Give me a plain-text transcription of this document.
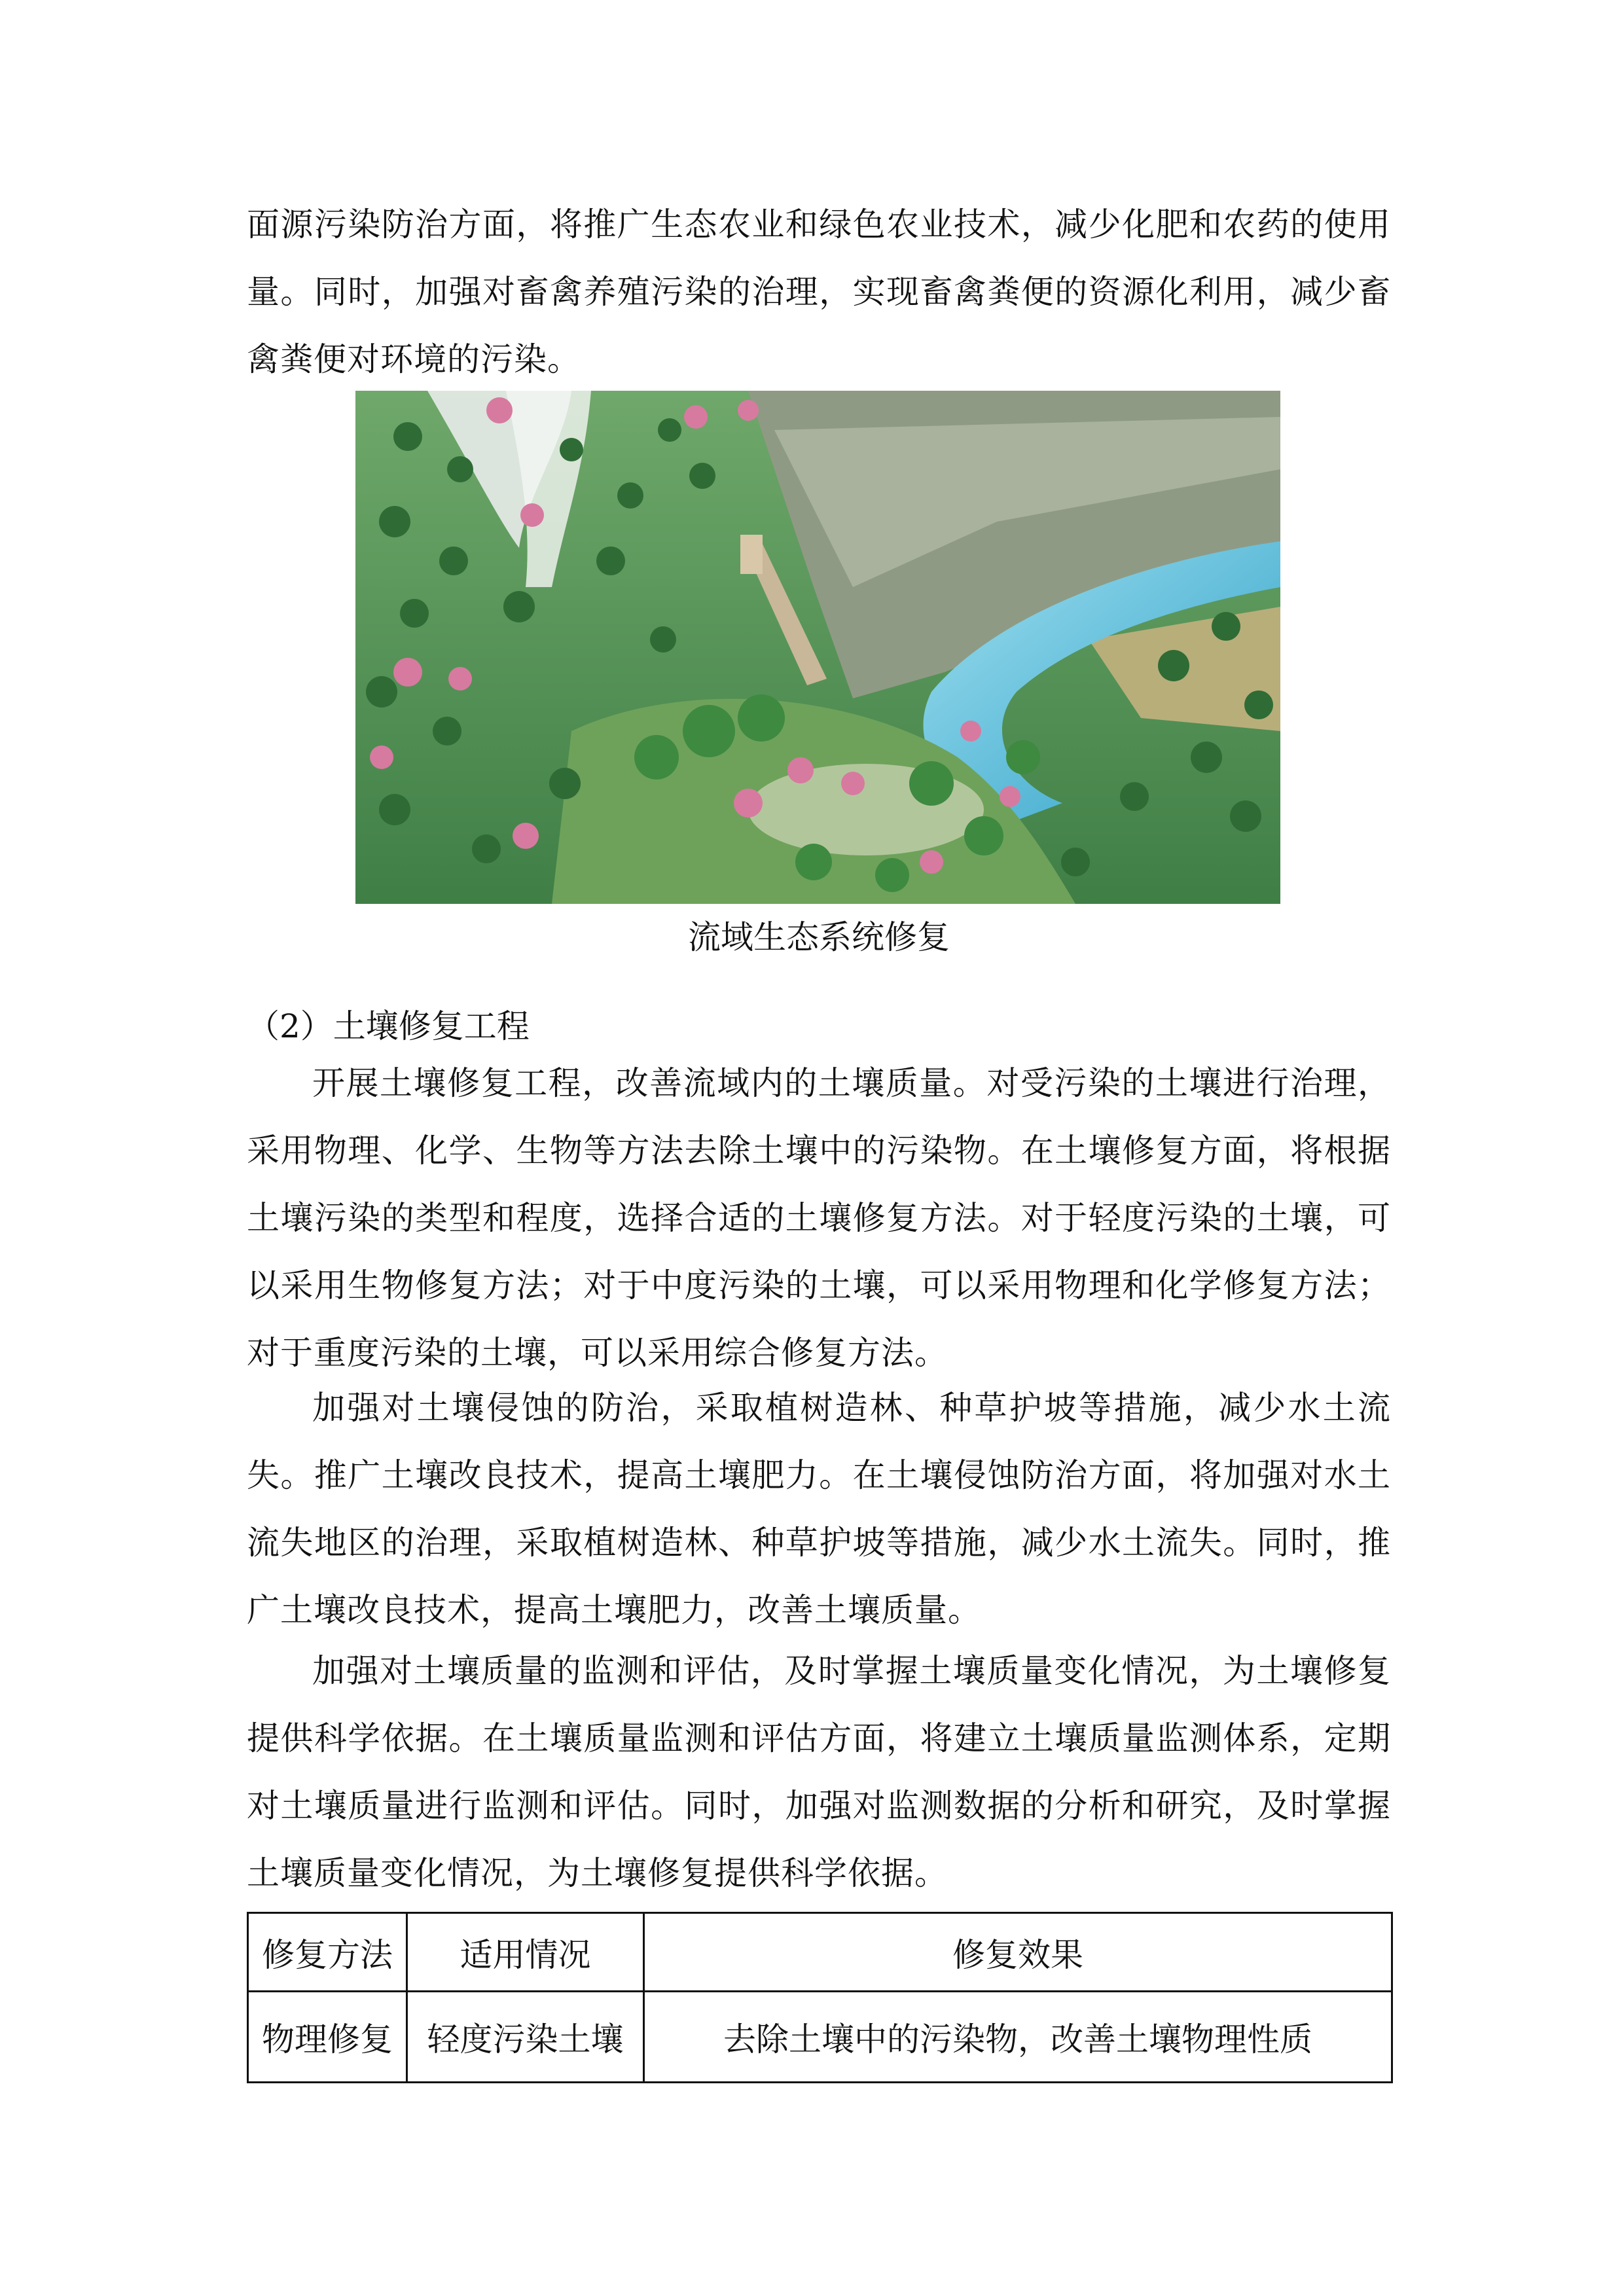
面源污染防治方面，将推广生态农业和绿色农业技术，减少化肥和农药的使用量。同时，加强对畜禽养殖污染的治理，实现畜禽粪便的资源化利用，减少畜禽粪便对环境的污染。

流域生态系统修复

（2）土壤修复工程

开展土壤修复工程，改善流域内的土壤质量。对受污染的土壤进行治理，采用物理、化学、生物等方法去除土壤中的污染物。在土壤修复方面，将根据土壤污染的类型和程度，选择合适的土壤修复方法。对于轻度污染的土壤，可以采用生物修复方法；对于中度污染的土壤，可以采用物理和化学修复方法；对于重度污染的土壤，可以采用综合修复方法。

加强对土壤侵蚀的防治，采取植树造林、种草护坡等措施，减少水土流失。推广土壤改良技术，提高土壤肥力。在土壤侵蚀防治方面，将加强对水土流失地区的治理，采取植树造林、种草护坡等措施，减少水土流失。同时，推广土壤改良技术，提高土壤肥力，改善土壤质量。

加强对土壤质量的监测和评估，及时掌握土壤质量变化情况，为土壤修复提供科学依据。在土壤质量监测和评估方面，将建立土壤质量监测体系，定期对土壤质量进行监测和评估。同时，加强对监测数据的分析和研究，及时掌握土壤质量变化情况，为土壤修复提供科学依据。

修复方法	适用情况	修复效果
物理修复	轻度污染土壤	去除土壤中的污染物，改善土壤物理性质
